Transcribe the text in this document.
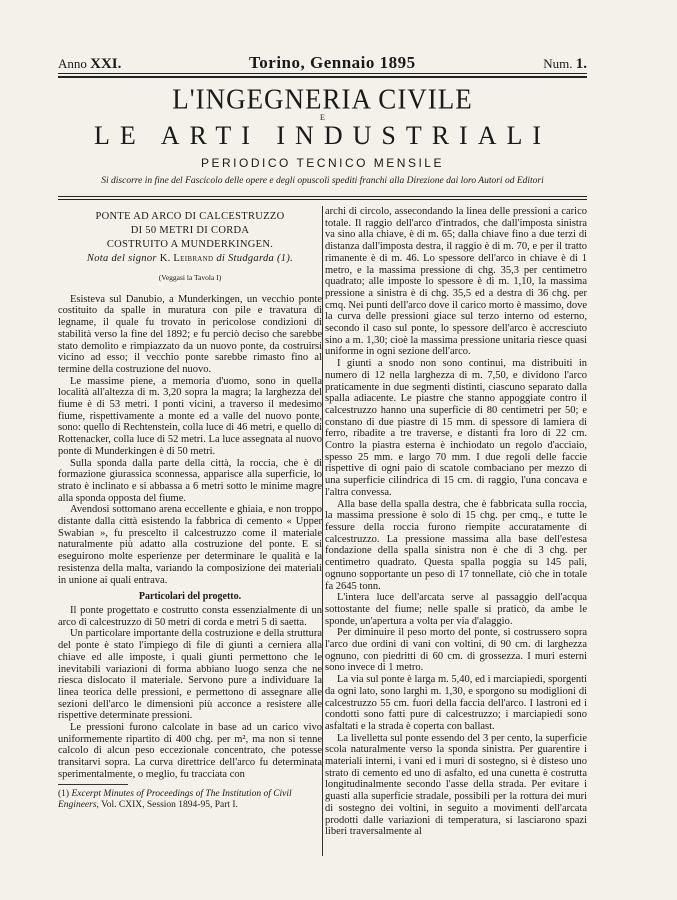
Anno XXI.	Torino, Gennaio 1895	Num. 1.
L'INGEGNERIA CIVILE
E
LE ARTI INDUSTRIALI
PERIODICO TECNICO MENSILE
Si discorre in fine del Fascicolo delle opere e degli opuscoli spediti franchi alla Direzione dai loro Autori od Editori
PONTE AD ARCO DI CALCESTRUZZO
DI 50 METRI DI CORDA
COSTRUITO A MUNDERKINGEN.
Nota del signor K. Leibrand di Studgarda (1).
(Veggasi la Tavola I)

Esisteva sul Danubio, a Munderkingen, un vecchio ponte costituito da spalle in muratura con pile e travatura di legname, il quale fu trovato in pericolose condizioni di stabilità verso la fine del 1892; e fu perciò deciso che sarebbe stato demolito e rimpiazzato da un nuovo ponte, da costruirsi vicino ad esso; il vecchio ponte sarebbe rimasto fino al termine della costruzione del nuovo.

Le massime piene, a memoria d'uomo, sono in quella località all'altezza di m. 3,20 sopra la magra; la larghezza del fiume è di 53 metri. I ponti vicini, a traverso il medesimo fiume, rispettivamente a monte ed a valle del nuovo ponte, sono: quello di Rechtenstein, colla luce di 46 metri, e quello di Rottenacker, colla luce di 52 metri. La luce assegnata al nuovo ponte di Munderkingen è di 50 metri.

Sulla sponda dalla parte della città, la roccia, che è di formazione giurassica sconnessa, apparisce alla superficie, lo strato è inclinato e si abbassa a 6 metri sotto le minime magre alla sponda opposta del fiume.

Avendosi sottomano arena eccellente e ghiaia, e non troppo distante dalla città esistendo la fabbrica di cemento « Upper Swabian », fu prescelto il calcestruzzo come il materiale naturalmente più adatto alla costruzione del ponte. E si eseguirono molte esperienze per determinare le qualità e la resistenza della malta, variando la composizione dei materiali in unione ai quali entrava.

Particolari del progetto.

Il ponte progettato e costrutto consta essenzialmente di un arco di calcestruzzo di 50 metri di corda e metri 5 di saetta.

Un particolare importante della costruzione e della struttura del ponte è stato l'impiego di file di giunti a cerniera alla chiave ed alle imposte, i quali giunti permettono che le inevitabili variazioni di forma abbiano luogo senza che ne riesca dislocato il materiale. Servono pure a individuare la linea teorica delle pressioni, e permettono di assegnare alle sezioni dell'arco le dimensioni più acconce a resistere alle rispettive determinate pressioni.

Le pressioni furono calcolate in base ad un carico vivo uniformemente ripartito di 400 chg. per m², ma non si tenne calcolo di alcun peso eccezionale concentrato, che potesse transitarvi sopra. La curva direttrice dell'arco fu determinata sperimentalmente, o meglio, fu tracciata con

archi di circolo, assecondando la linea delle pressioni a carico totale. Il raggio dell'arco d'intrados, che dall'imposta sinistra va sino alla chiave, è di m. 65; dalla chiave fino a due terzi di distanza dall'imposta destra, il raggio è di m. 70, e per il tratto rimanente è di m. 46. Lo spessore dell'arco in chiave è di 1 metro, e la massima pressione di chg. 35,3 per centimetro quadrato; alle imposte lo spessore è di m. 1,10, la massima pressione a sinistra è di chg. 35,5 ed a destra di 36 chg. per cmq. Nei punti dell'arco dove il carico morto è massimo, dove la curva delle pressioni giace sul terzo interno od esterno, secondo il caso sul ponte, lo spessore dell'arco è accresciuto sino a m. 1,30; cioè la massima pressione unitaria riesce quasi uniforme in ogni sezione dell'arco.

I giunti a snodo non sono continui, ma distribuiti in numero di 12 nella larghezza di m. 7,50, e dividono l'arco praticamente in due segmenti distinti, ciascuno separato dalla spalla adiacente. Le piastre che stanno appoggiate contro il calcestruzzo hanno una superficie di 80 centimetri per 50; e constano di due piastre di 15 mm. di spessore di lamiera di ferro, ribadite a tre traverse, e distanti fra loro di 22 cm. Contro la piastra esterna è inchiodato un regolo d'acciaio, spesso 25 mm. e largo 70 mm. I due regoli delle faccie rispettive di ogni paio di scatole combaciano per mezzo di una superficie cilindrica di 15 cm. di raggio, l'una concava e l'altra convessa.

Alla base della spalla destra, che è fabbricata sulla roccia, la massima pressione è solo di 15 chg. per cmq., e tutte le fessure della roccia furono riempite accuratamente di calcestruzzo. La pressione massima alla base dell'estesa fondazione della spalla sinistra non è che di 3 chg. per centimetro quadrato. Questa spalla poggia su 145 pali, ognuno sopportante un peso di 17 tonnellate, ciò che in totale fa 2645 tonn.

L'intera luce dell'arcata serve al passaggio dell'acqua sottostante del fiume; nelle spalle si praticò, da ambe le sponde, un'apertura a volta per via d'alaggio.

Per diminuire il peso morto del ponte, si costrussero sopra l'arco due ordini di vani con voltini, di 90 cm. di larghezza ognuno, con piedritti di 60 cm. di grossezza. I muri esterni sono invece di 1 metro.

La via sul ponte è larga m. 5,40, ed i marciapiedi, sporgenti da ogni lato, sono larghi m. 1,30, e sporgono su modiglioni di calcestruzzo 55 cm. fuori della faccia dell'arco. I lastroni ed i condotti sono fatti pure di calcestruzzo; i marciapiedi sono asfaltati e la strada è coperta con ballast.

La livelletta sul ponte essendo del 3 per cento, la superficie scola naturalmente verso la sponda sinistra. Per guarentire i materiali interni, i vani ed i muri di sostegno, si è disteso uno strato di cemento ed uno di asfalto, ed una cunetta è costrutta longitudinalmente secondo l'asse della strada. Per evitare i guasti alla superficie stradale, possibili per la rottura dei muri di sostegno dei voltini, in seguito a movimenti dell'arcata prodotti dalle variazioni di temperatura, si lasciarono spazi liberi traversalmente al

(1) Excerpt Minutes of Proceedings of The Institution of Civil Engineers, Vol. CXIX, Session 1894-95, Part I.
